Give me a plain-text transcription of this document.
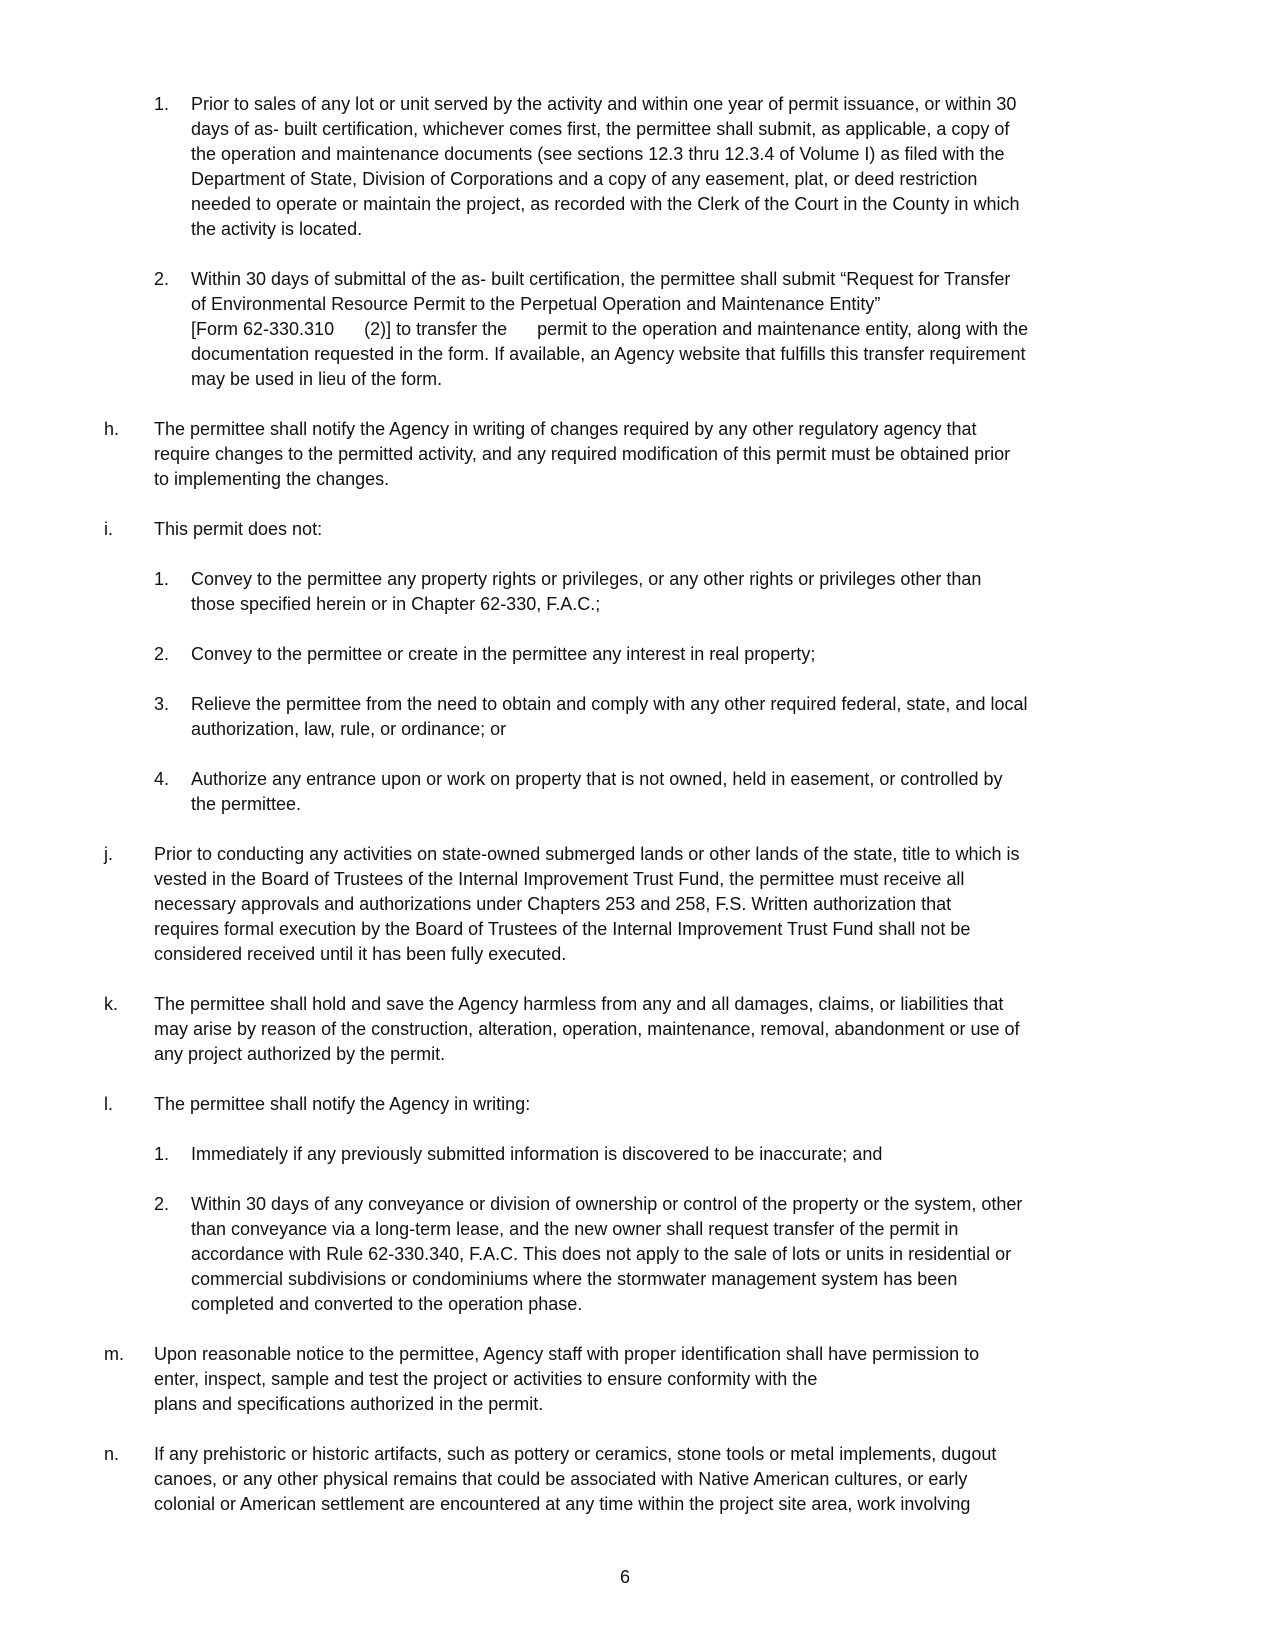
1. Prior to sales of any lot or unit served by the activity and within one year of permit issuance, or within 30
days of as- built certification, whichever comes first, the permittee shall submit, as applicable, a copy of
the operation and maintenance documents (see sections 12.3 thru 12.3.4 of Volume I) as filed with the
Department of State, Division of Corporations and a copy of any easement, plat, or deed restriction
needed to operate or maintain the project, as recorded with the Clerk of the Court in the County in which
the activity is located.
2. Within 30 days of submittal of the as- built certification, the permittee shall submit “Request for Transfer
of Environmental Resource Permit to the Perpetual Operation and Maintenance Entity”
[Form 62-330.310      (2)] to transfer the      permit to the operation and maintenance entity, along with the
documentation requested in the form. If available, an Agency website that fulfills this transfer requirement
may be used in lieu of the form.
h. The permittee shall notify the Agency in writing of changes required by any other regulatory agency that
require changes to the permitted activity, and any required modification of this permit must be obtained prior
to implementing the changes.
i. This permit does not:
1. Convey to the permittee any property rights or privileges, or any other rights or privileges other than
those specified herein or in Chapter 62-330, F.A.C.;
2. Convey to the permittee or create in the permittee any interest in real property;
3. Relieve the permittee from the need to obtain and comply with any other required federal, state, and local
authorization, law, rule, or ordinance; or
4. Authorize any entrance upon or work on property that is not owned, held in easement, or controlled by
the permittee.
j. Prior to conducting any activities on state-owned submerged lands or other lands of the state, title to which is
vested in the Board of Trustees of the Internal Improvement Trust Fund, the permittee must receive all
necessary approvals and authorizations under Chapters 253 and 258, F.S. Written authorization that
requires formal execution by the Board of Trustees of the Internal Improvement Trust Fund shall not be
considered received until it has been fully executed.
k. The permittee shall hold and save the Agency harmless from any and all damages, claims, or liabilities that
may arise by reason of the construction, alteration, operation, maintenance, removal, abandonment or use of
any project authorized by the permit.
l. The permittee shall notify the Agency in writing:
1. Immediately if any previously submitted information is discovered to be inaccurate; and
2. Within 30 days of any conveyance or division of ownership or control of the property or the system, other
than conveyance via a long-term lease, and the new owner shall request transfer of the permit in
accordance with Rule 62-330.340, F.A.C. This does not apply to the sale of lots or units in residential or
commercial subdivisions or condominiums where the stormwater management system has been
completed and converted to the operation phase.
m. Upon reasonable notice to the permittee, Agency staff with proper identification shall have permission to
enter, inspect, sample and test the project or activities to ensure conformity with the
plans and specifications authorized in the permit.
n. If any prehistoric or historic artifacts, such as pottery or ceramics, stone tools or metal implements, dugout
canoes, or any other physical remains that could be associated with Native American cultures, or early
colonial or American settlement are encountered at any time within the project site area, work involving
6
